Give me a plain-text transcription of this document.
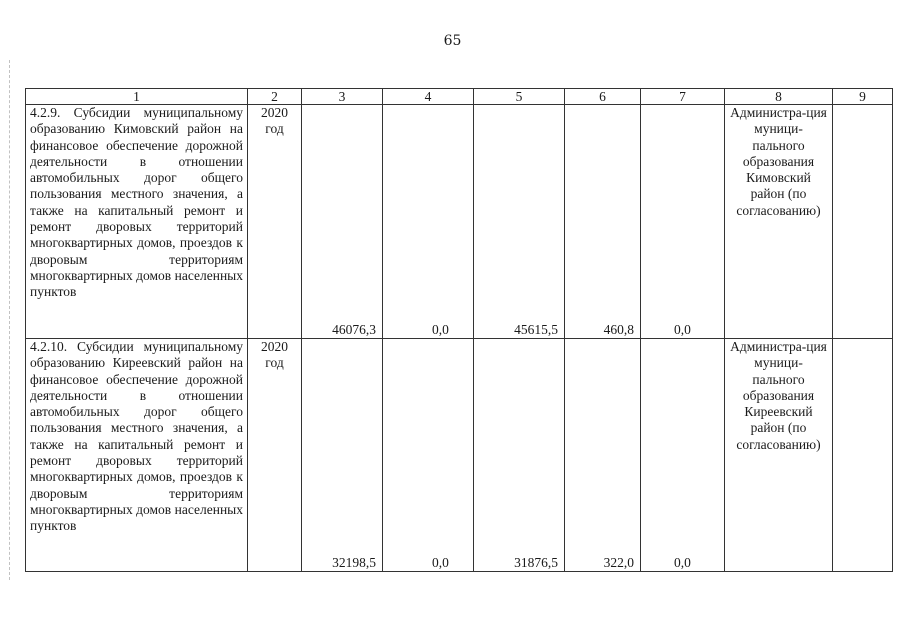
65
1	2	3	4	5	6	7	8	9
4.2.9. Субсидии муниципальному образованию Кимовский район на финансовое обеспечение дорожной деятельности в отношении автомобильных дорог общего пользования местного значения, а также на капитальный ремонт и ремонт дворовых территорий многоквартирных домов, проездов к дворовым территориям многоквартирных домов населенных пунктов	2020 год	46076,3	0,0	45615,5	460,8	0,0	Администра-ция муници-пального образования Кимовский район (по согласованию)	
4.2.10. Субсидии муниципальному образованию Киреевский район на финансовое обеспечение дорожной деятельности в отношении автомобильных дорог общего пользования местного значения, а также на капитальный ремонт и ремонт дворовых территорий многоквартирных домов, проездов к дворовым территориям многоквартирных домов населенных пунктов	2020 год	32198,5	0,0	31876,5	322,0	0,0	Администра-ция муници-пального образования Киреевский район (по согласованию)	
